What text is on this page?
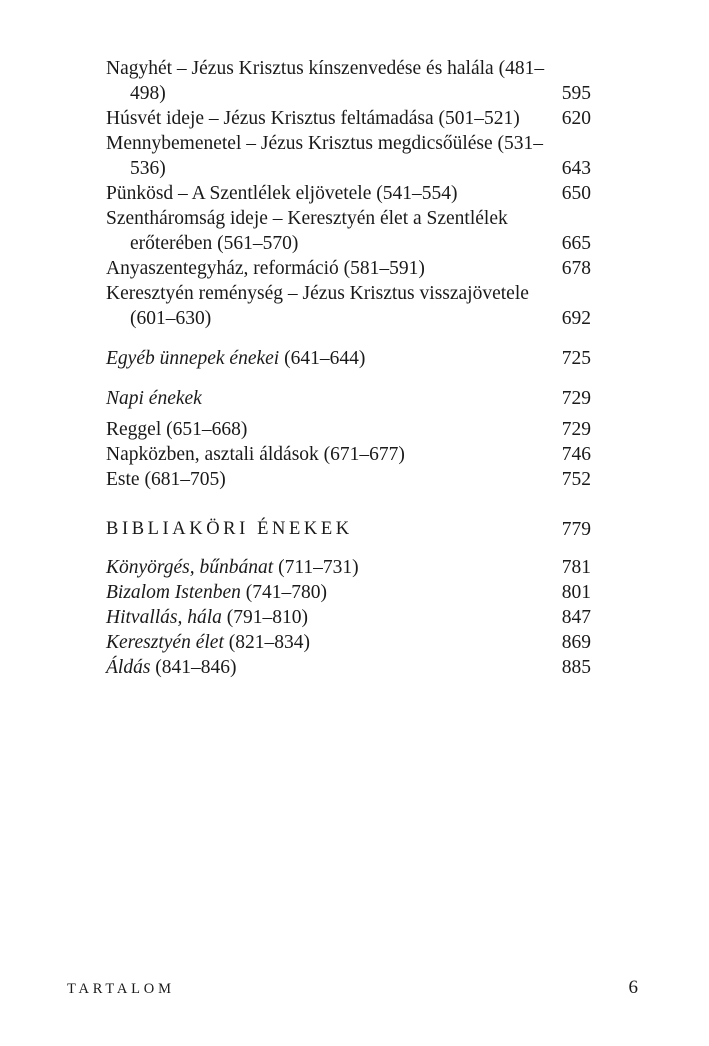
Nagyhét – Jézus Krisztus kínszenvedése és halála (481–498)	595
Húsvét ideje – Jézus Krisztus feltámadása (501–521)	620
Mennybemenetel – Jézus Krisztus megdicsőülése (531–536)	643
Pünkösd – A Szentlélek eljövetele (541–554)	650
Szentháromság ideje – Keresztyén élet a Szentlélek erőterében (561–570)	665
Anyaszentegyház, reformáció (581–591)	678
Keresztyén reménység – Jézus Krisztus visszajövetele (601–630)	692
Egyéb ünnepek énekei (641–644)	725
Napi énekek	729
Reggel (651–668)	729
Napközben, asztali áldások (671–677)	746
Este (681–705)	752
BIBLIAKÖRI ÉNEKEK	779
Könyörgés, bűnbánat (711–731)	781
Bizalom Istenben (741–780)	801
Hitvallás, hála (791–810)	847
Keresztyén élet (821–834)	869
Áldás (841–846)	885
TARTALOM	6
